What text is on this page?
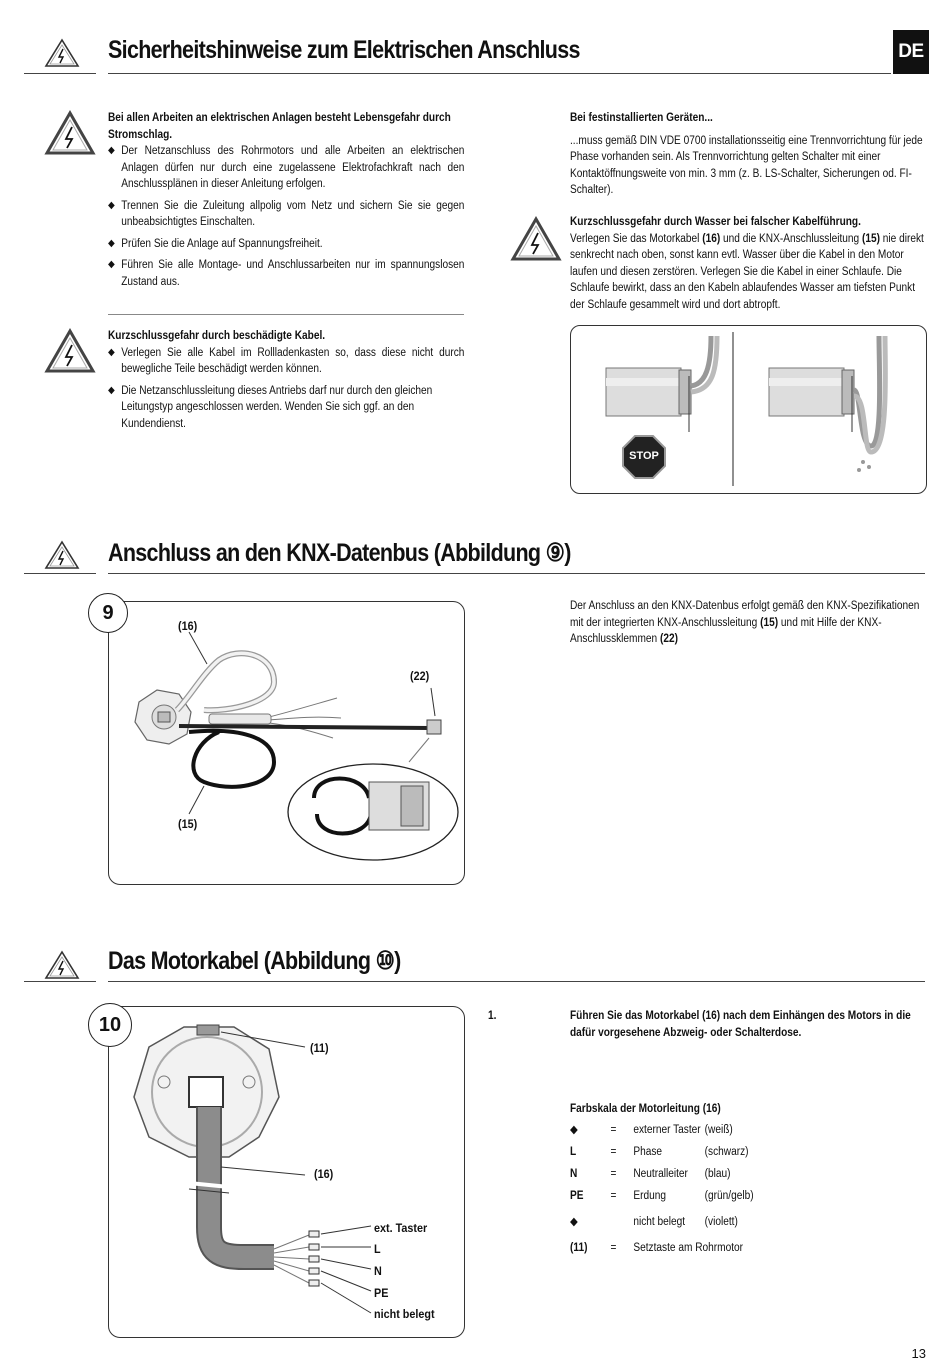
Sicherheitshinweise zum Elektrischen Anschluss	DE
Bei allen Arbeiten an elektrischen Anlagen besteht Lebensgefahr durch Stromschlag.
◆ Der Netzanschluss des Rohrmotors und alle Arbeiten an elektrischen Anlagen dürfen nur durch eine zugelassene Elektrofachkraft nach den Anschlussplänen in dieser Anleitung erfolgen.
◆ Trennen Sie die Zuleitung allpolig vom Netz und sichern Sie sie gegen unbeabsichtigtes Einschalten.
◆ Prüfen Sie die Anlage auf Spannungsfreiheit.
◆ Führen Sie alle Montage- und Anschlussarbeiten nur im spannungslosen Zustand aus.
Kurzschlussgefahr durch beschädigte Kabel.
◆ Verlegen Sie alle Kabel im Rollladenkasten so, dass diese nicht durch bewegliche Teile beschädigt werden können.
◆ Die Netzanschlussleitung dieses Antriebs darf nur durch den gleichen Leitungstyp angeschlossen werden. Wenden Sie sich ggf. an den Kundendienst.
Bei festinstallierten Geräten...
...muss gemäß DIN VDE 0700 installationsseitig eine Trennvorrichtung für jede Phase vorhanden sein. Als Trennvorrichtung gelten Schalter mit einer Kontaktöffnungsweite von min. 3 mm (z. B. LS-Schalter, Sicherungen od. FI-Schalter).
Kurzschlussgefahr durch Wasser bei falscher Kabelführung.
Verlegen Sie das Motorkabel (16) und die KNX-Anschlussleitung (15) nie direkt senkrecht nach oben, sonst kann evtl. Wasser über die Kabel in den Motor laufen und diesen zerstören. Verlegen Sie die Kabel in einer Schlaufe. Die Schlaufe bewirkt, dass an den Kabeln ablaufendes Wasser am tiefsten Punkt der Schlaufe gesammelt wird und dort abtropft.
STOP
Anschluss an den KNX-Datenbus (Abbildung ⑨)
9
(16)
(22)
(15)
Der Anschluss an den KNX-Datenbus erfolgt gemäß den KNX-Spezifikationen mit der integrierten KNX-Anschlussleitung (15) und mit Hilfe der KNX-Anschlussklemmen (22)
Das Motorkabel (Abbildung ⑩)
10
(11)
(16)
ext. Taster
L
N
PE
nicht belegt
1.	Führen Sie das Motorkabel (16) nach dem Einhängen des Motors in die dafür vorgesehene Abzweig- oder Schalterdose.
Farbskala der Motorleitung (16)
◆	=	externer Taster	(weiß)
L	=	Phase	(schwarz)
N	=	Neutralleiter	(blau)
PE	=	Erdung	(grün/gelb)
◆		nicht belegt	(violett)
(11)	=	Setztaste am Rohrmotor	
13
